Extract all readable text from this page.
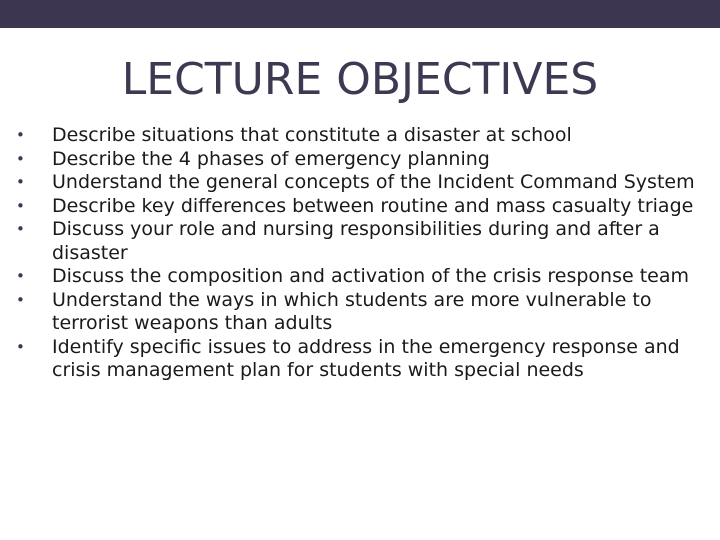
LECTURE OBJECTIVES
•	Describe situations that constitute a disaster at school
•	Describe the 4 phases of emergency planning
•	Understand the general concepts of the Incident Command System
•	Describe key differences between routine and mass casualty triage
•	Discuss your role and nursing responsibilities during and after a disaster
•	Discuss the composition and activation of the crisis response team
•	Understand the ways in which students are more vulnerable to terrorist weapons than adults
•	Identify specific issues to address in the emergency response and crisis management plan for students with special needs
